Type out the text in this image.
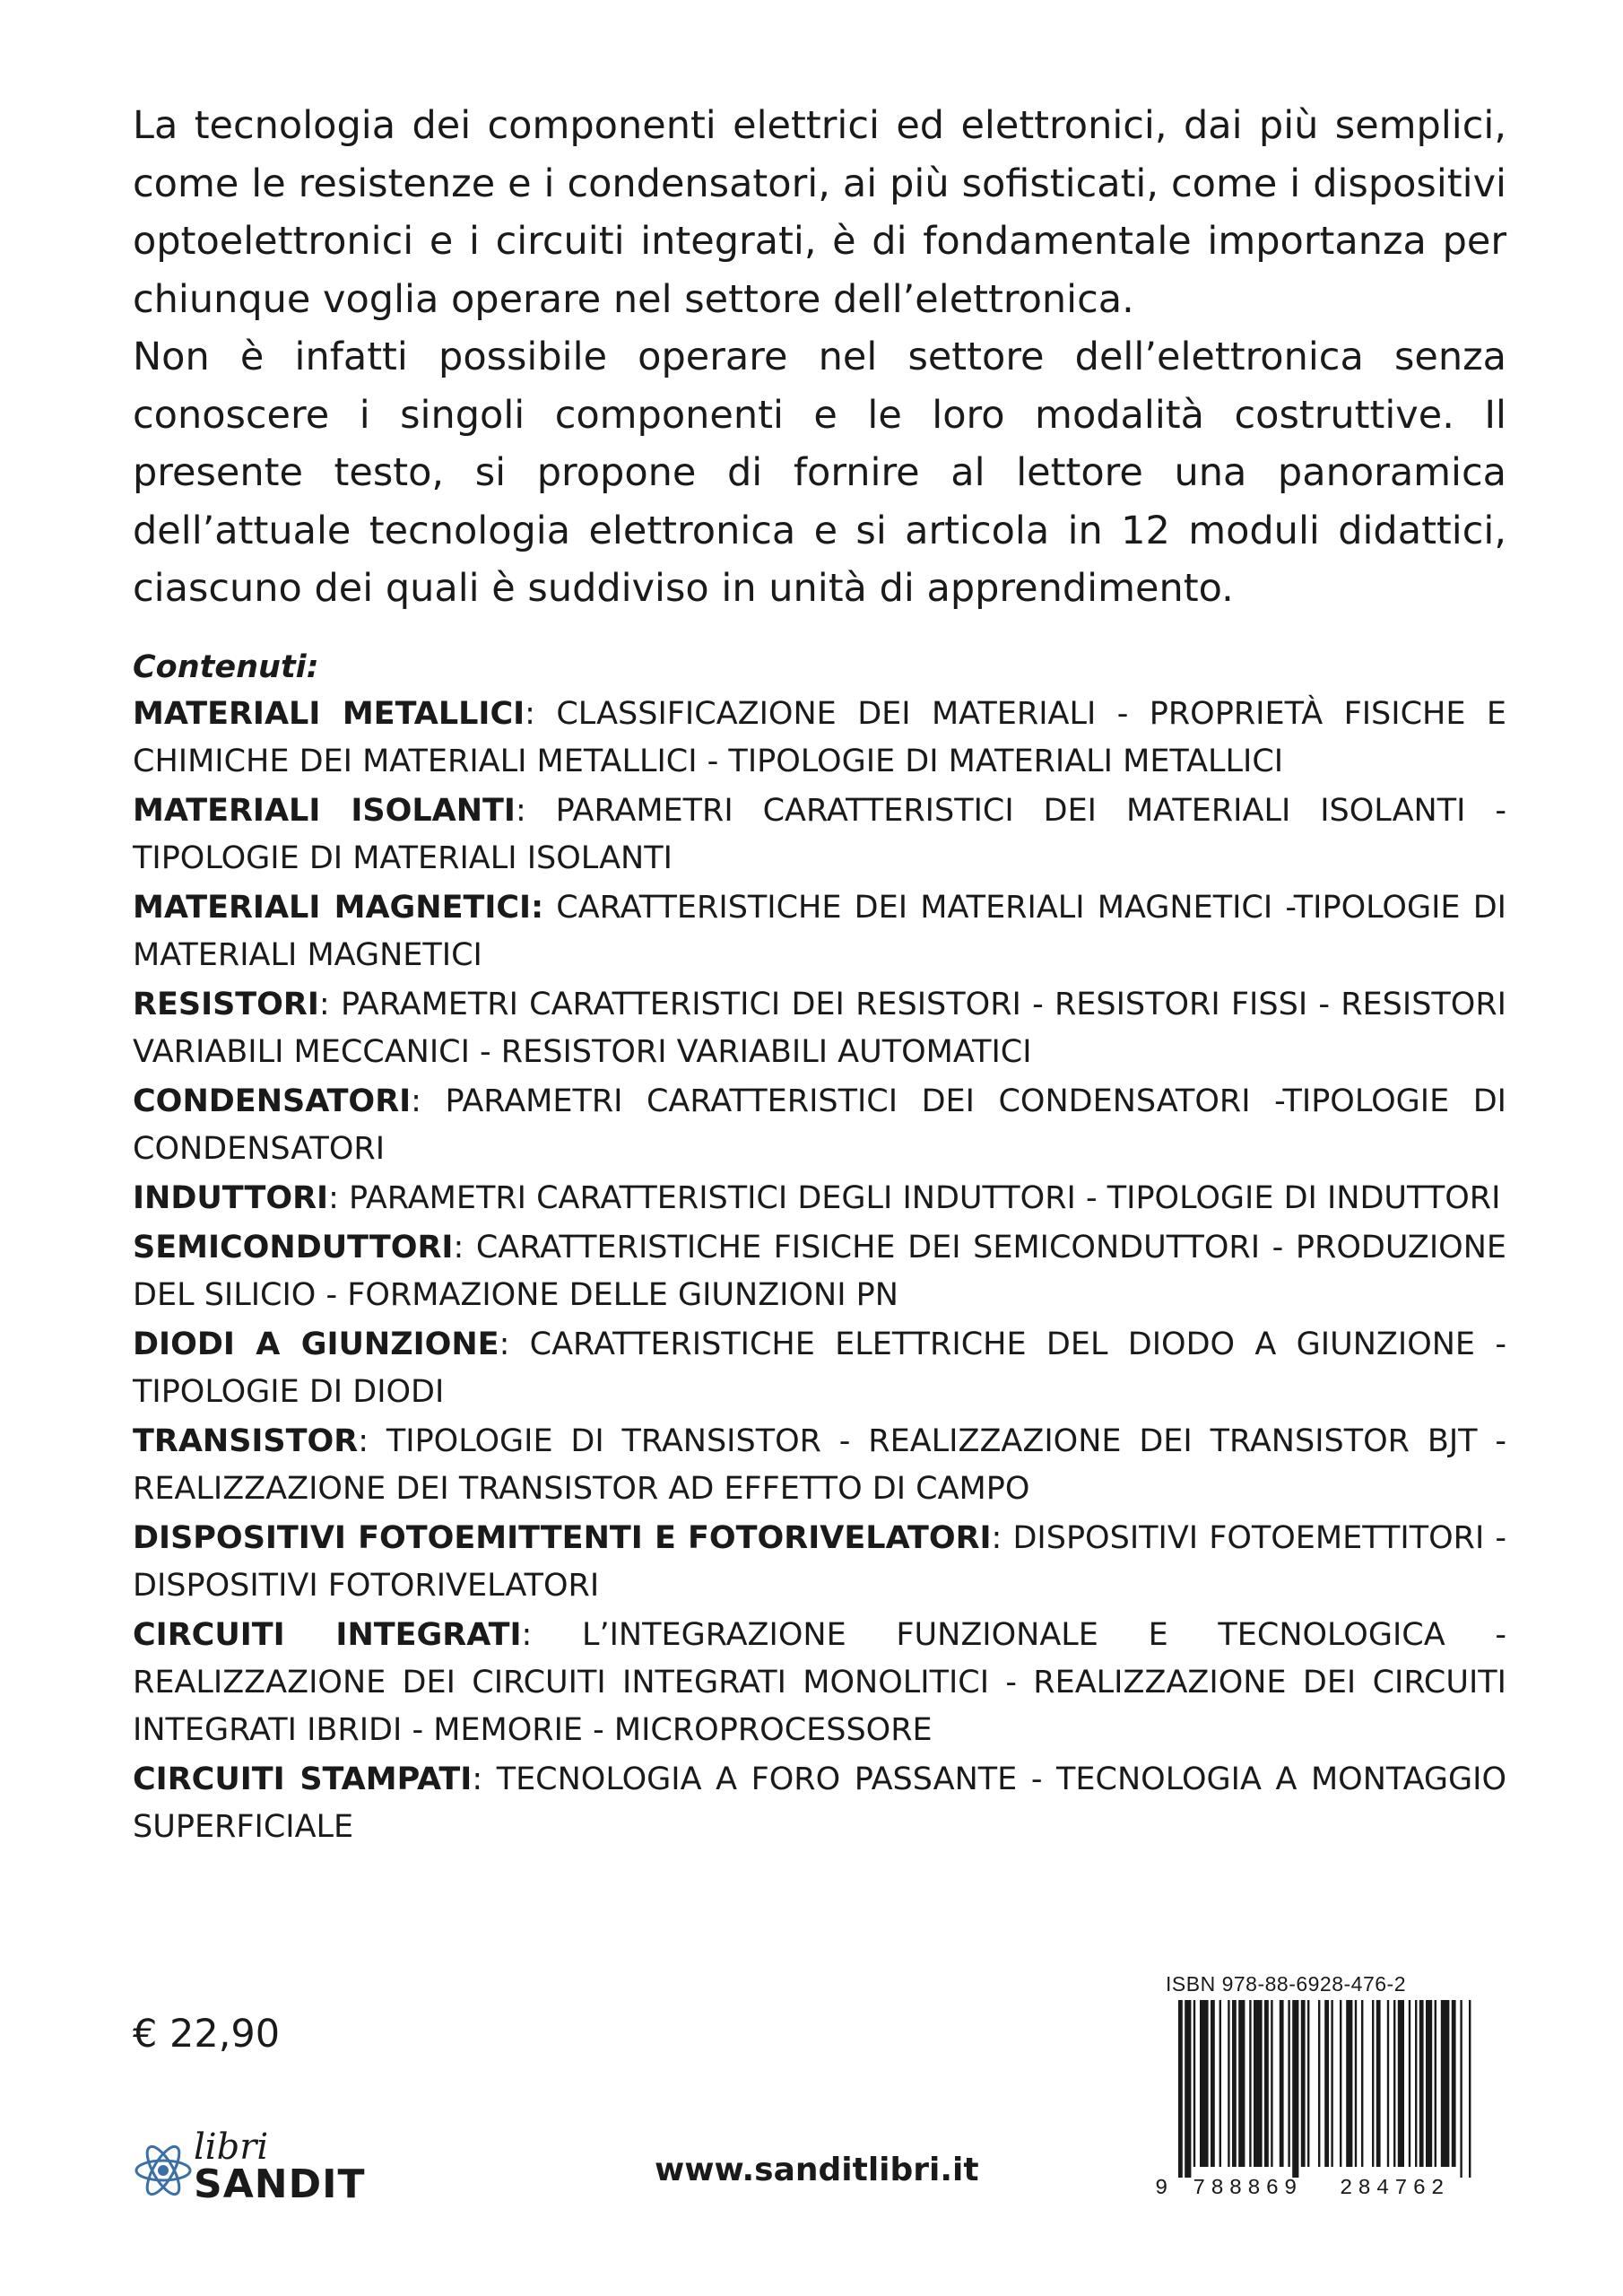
La tecnologia dei componenti elettrici ed elettronici, dai più semplici, come le resistenze e i condensatori, ai più sofisticati, come i dispositivi optoelettronici e i circuiti integrati, è di fondamentale importanza per chiunque voglia operare nel settore dell’elettronica.

Non è infatti possibile operare nel settore dell’elettronica senza conoscere i singoli componenti e le loro modalità costruttive. Il presente testo, si propone di fornire al lettore una panoramica dell’attuale tecnologia elettronica e si articola in 12 moduli didattici, ciascuno dei quali è suddiviso in unità di apprendimento.

Contenuti:

MATERIALI METALLICI: CLASSIFICAZIONE DEI MATERIALI - PROPRIETÀ FISICHE E CHIMICHE DEI MATERIALI METALLICI - TIPOLOGIE DI MATERIALI METALLICI

MATERIALI ISOLANTI: PARAMETRI CARATTERISTICI DEI MATERIALI ISOLANTI - TIPOLOGIE DI MATERIALI ISOLANTI

MATERIALI MAGNETICI: CARATTERISTICHE DEI MATERIALI MAGNETICI -TIPOLOGIE DI MATERIALI MAGNETICI

RESISTORI: PARAMETRI CARATTERISTICI DEI RESISTORI - RESISTORI FISSI - RESISTORI VARIABILI MECCANICI - RESISTORI VARIABILI AUTOMATICI

CONDENSATORI: PARAMETRI CARATTERISTICI DEI CONDENSATORI -TIPOLOGIE DI CONDENSATORI

INDUTTORI: PARAMETRI CARATTERISTICI DEGLI INDUTTORI - TIPOLOGIE DI INDUTTORI

SEMICONDUTTORI: CARATTERISTICHE FISICHE DEI SEMICONDUTTORI - PRODUZIONE DEL SILICIO - FORMAZIONE DELLE GIUNZIONI PN

DIODI A GIUNZIONE: CARATTERISTICHE ELETTRICHE DEL DIODO A GIUNZIONE - TIPOLOGIE DI DIODI

TRANSISTOR: TIPOLOGIE DI TRANSISTOR - REALIZZAZIONE DEI TRANSISTOR BJT - REALIZZAZIONE DEI TRANSISTOR AD EFFETTO DI CAMPO

DISPOSITIVI FOTOEMITTENTI E FOTORIVELATORI: DISPOSITIVI FOTOEMETTITORI - DISPOSITIVI FOTORIVELATORI

CIRCUITI INTEGRATI: L’INTEGRAZIONE FUNZIONALE E TECNOLOGICA - REALIZZAZIONE DEI CIRCUITI INTEGRATI MONOLITICI - REALIZZAZIONE DEI CIRCUITI INTEGRATI IBRIDI - MEMORIE - MICROPROCESSORE

CIRCUITI STAMPATI: TECNOLOGIA A FORO PASSANTE - TECNOLOGIA A MONTAGGIO SUPERFICIALE

€ 22,90
ISBN 978-88-6928-476-2
9 788869 284762
libri
SANDIT	www.sanditlibri.it
